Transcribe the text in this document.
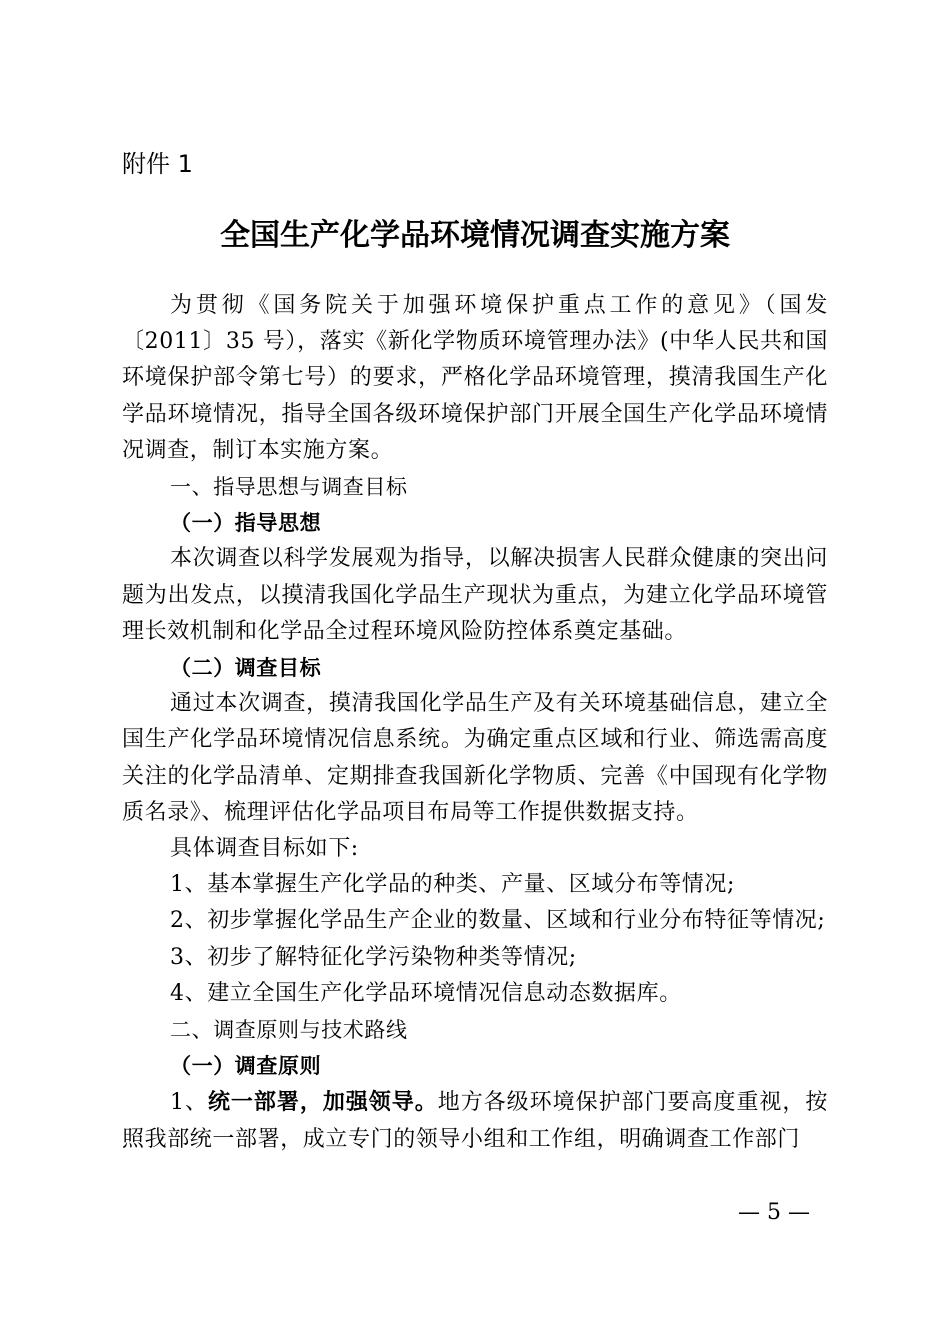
附件 1
全国生产化学品环境情况调查实施方案

为贯彻《国务院关于加强环境保护重点工作的意见》（国发〔2011〕35 号），落实《新化学物质环境管理办法》(中华人民共和国环境保护部令第七号）的要求，严格化学品环境管理，摸清我国生产化学品环境情况，指导全国各级环境保护部门开展全国生产化学品环境情况调查，制订本实施方案。

一、指导思想与调查目标

（一）指导思想

本次调查以科学发展观为指导，以解决损害人民群众健康的突出问题为出发点，以摸清我国化学品生产现状为重点，为建立化学品环境管理长效机制和化学品全过程环境风险防控体系奠定基础。

（二）调查目标

通过本次调查，摸清我国化学品生产及有关环境基础信息，建立全国生产化学品环境情况信息系统。为确定重点区域和行业、筛选需高度关注的化学品清单、定期排查我国新化学物质、完善《中国现有化学物质名录》、梳理评估化学品项目布局等工作提供数据支持。

具体调查目标如下:

1、基本掌握生产化学品的种类、产量、区域分布等情况;

2、初步掌握化学品生产企业的数量、区域和行业分布特征等情况;

3、初步了解特征化学污染物种类等情况;

4、建立全国生产化学品环境情况信息动态数据库。

二、调查原则与技术路线

（一）调查原则

1、统一部署，加强领导。地方各级环境保护部门要高度重视，按照我部统一部署，成立专门的领导小组和工作组，明确调查工作部门

— 5 —
